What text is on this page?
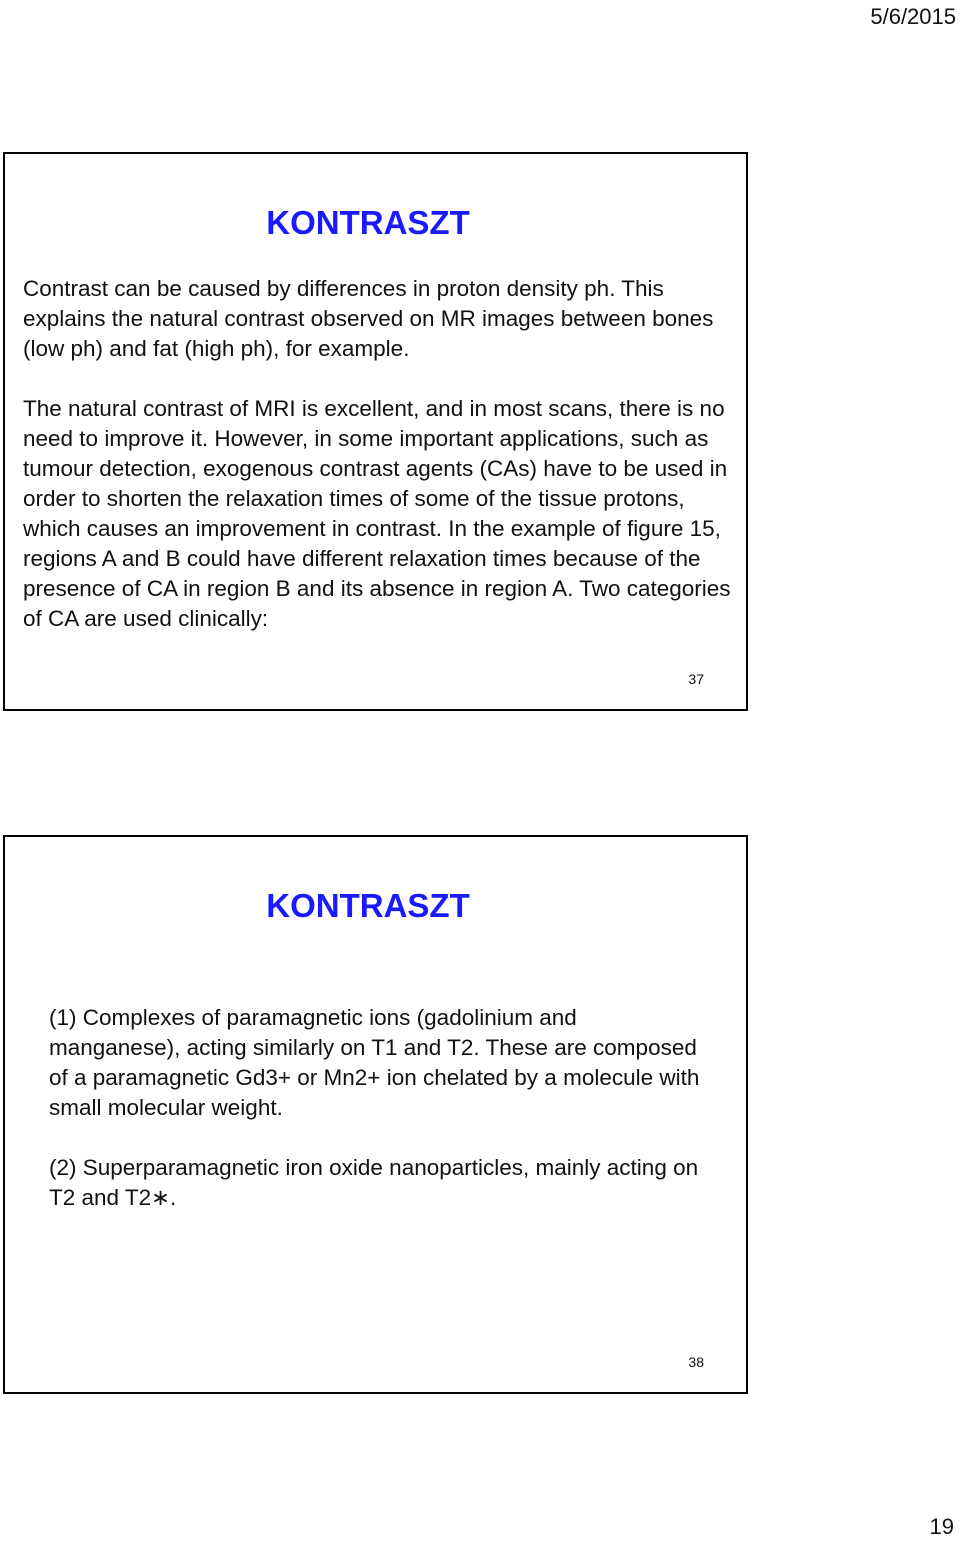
5/6/2015
KONTRASZT

Contrast can be caused by differences in proton density ph. This explains the natural contrast observed on MR images between bones (low ph) and fat (high ph), for example.

The natural contrast of MRI is excellent, and in most scans, there is no need to improve it. However, in some important applications, such as tumour detection, exogenous contrast agents (CAs) have to be used in order to shorten the relaxation times of some of the tissue protons, which causes an improvement in contrast. In the example of figure 15, regions A and B could have different relaxation times because of the presence of CA in region B and its absence in region A. Two categories of CA are used clinically:

37
KONTRASZT

(1) Complexes of paramagnetic ions (gadolinium and manganese), acting similarly on T1 and T2. These are composed of a paramagnetic Gd3+ or Mn2+ ion chelated by a molecule with small molecular weight.

(2) Superparamagnetic iron oxide nanoparticles, mainly acting on T2 and T2∗.

38
19
